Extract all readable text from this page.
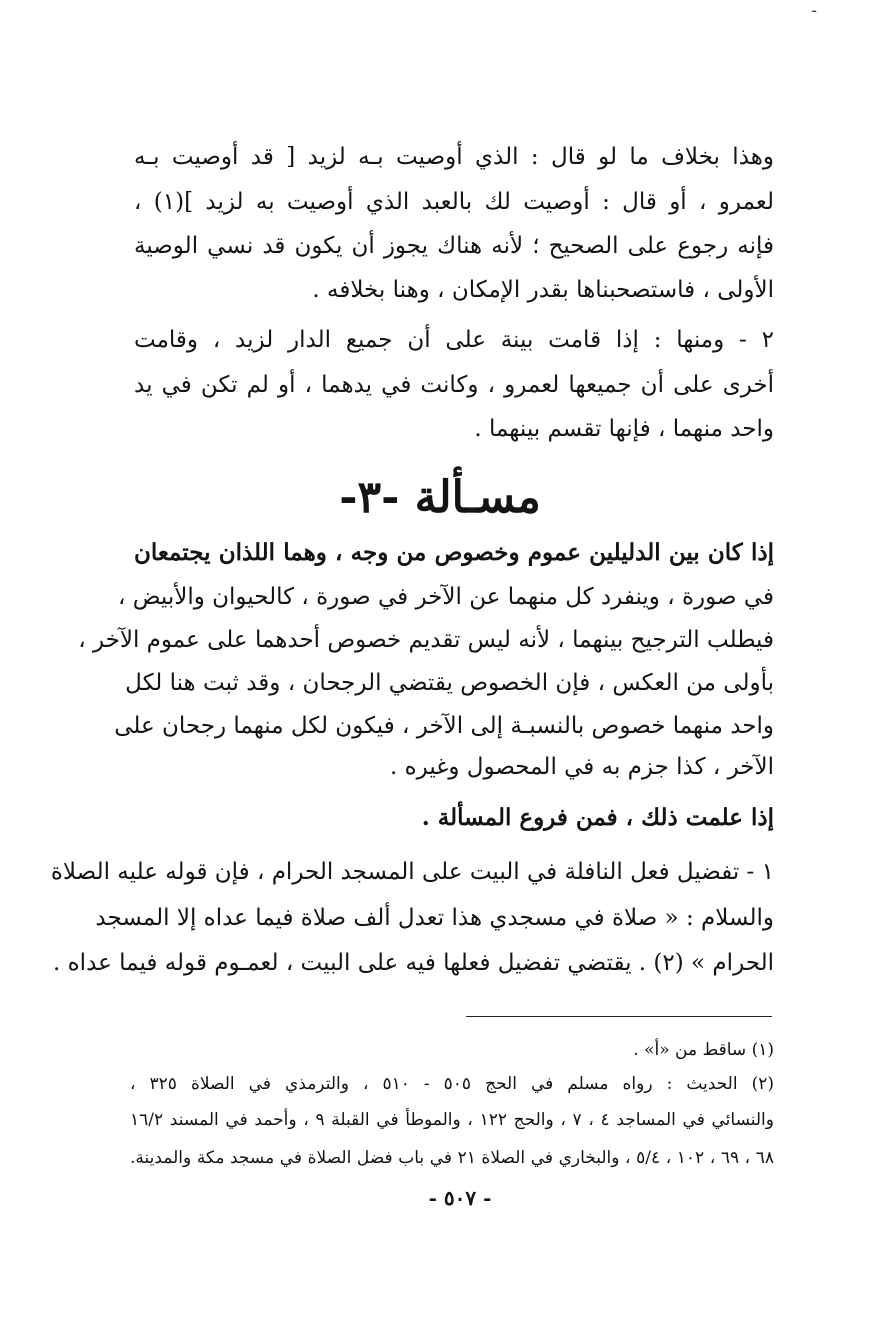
ـ
وهذا بخلاف ما لو قال : الذي أوصيت بـه لزيد [ قد أوصيت بـه
لعمرو ، أو قال : أوصيت لك بالعبد الذي أوصيت به لزيد ](١) ،
فإنه رجوع على الصحيح ؛ لأنه هناك يجوز أن يكون قد نسي الوصية
الأولى ، فاستصحبناها بقدر الإمكان ، وهنا بخلافه .
٢ - ومنها : إذا قامت بينة على أن جميع الدار لزيد ، وقامت
أخرى على أن جميعها لعمرو ، وكانت في يدهما ، أو لم تكن في يد
واحد منهما ، فإنها تقسم بينهما .
مسـألة -٣-
إذا كان بين الدليلين عموم وخصوص من وجه ، وهما اللذان يجتمعان
في صورة ، وينفرد كل منهما عن الآخر في صورة ، كالحيوان والأبيض ،
فيطلب الترجيح بينهما ، لأنه ليس تقديم خصوص أحدهما على عموم الآخر ،
بأولى من العكس ، فإن الخصوص يقتضي الرجحان ، وقد ثبت هنا لكل
واحد منهما خصوص بالنسبـة إلى الآخر ، فيكون لكل منهما رجحان على
الآخر ، كذا جزم به في المحصول وغيره .
إذا علمت ذلك ، فمن فروع المسألة .
١ - تفضيل فعل النافلة في البيت على المسجد الحرام ، فإن قوله عليه الصلاة
والسلام : « صلاة في مسجدي هذا تعدل ألف صلاة فيما عداه إلا المسجد
الحرام » (٢) . يقتضي تفضيل فعلها فيه على البيت ، لعمـوم قوله فيما عداه .
(١) ساقط من «أ» .
(٢) الحديث : رواه مسلم في الحج ٥٠٥ - ٥١٠ ، والترمذي في الصلاة ٣٢٥ ،
والنسائي في المساجد ٤ ، ٧ ، والحج ١٢٢ ، والموطأ في القبلة ٩ ، وأحمد في المسند ١٦/٢
٦٨ ، ٦٩ ، ١٠٢ ، ٥/٤ ، والبخاري في الصلاة ٢١ في باب فضل الصلاة في مسجد مكة والمدينة.
- ٥٠٧ -
